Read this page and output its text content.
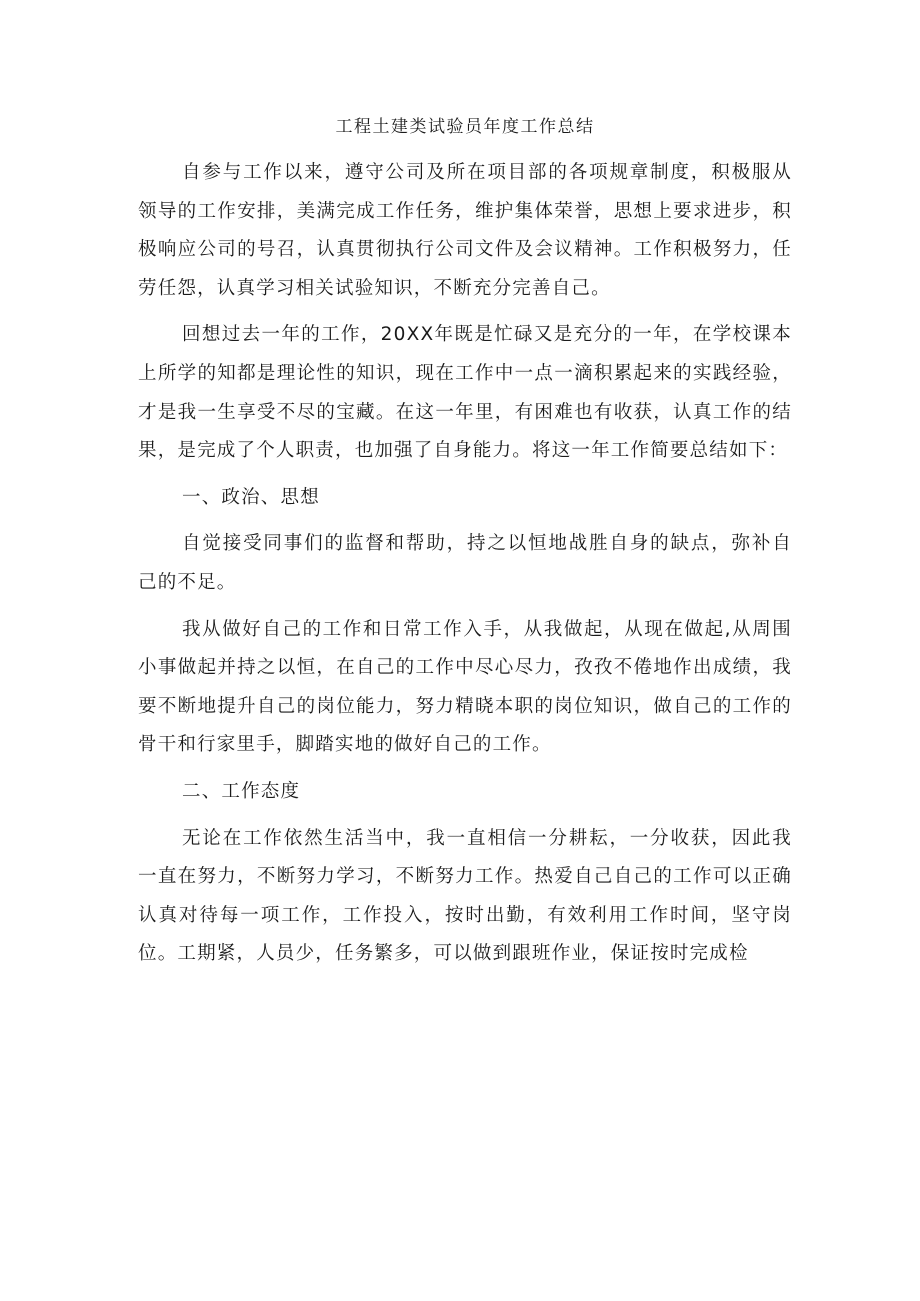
工程土建类试验员年度工作总结

自参与工作以来，遵守公司及所在项目部的各项规章制度，积极服从领导的工作安排，美满完成工作任务，维护集体荣誉，思想上要求进步，积极响应公司的号召，认真贯彻执行公司文件及会议精神。工作积极努力，任劳任怨，认真学习相关试验知识，不断充分完善自己。

回想过去一年的工作，20XX年既是忙碌又是充分的一年，在学校课本上所学的知都是理论性的知识，现在工作中一点一滴积累起来的实践经验，才是我一生享受不尽的宝藏。在这一年里，有困难也有收获，认真工作的结果，是完成了个人职责，也加强了自身能力。将这一年工作简要总结如下：

一、政治、思想

自觉接受同事们的监督和帮助，持之以恒地战胜自身的缺点，弥补自己的不足。

我从做好自己的工作和日常工作入手，从我做起，从现在做起,从周围小事做起并持之以恒，在自己的工作中尽心尽力，孜孜不倦地作出成绩，我要不断地提升自己的岗位能力，努力精晓本职的岗位知识，做自己的工作的骨干和行家里手，脚踏实地的做好自己的工作。

二、工作态度

无论在工作依然生活当中，我一直相信一分耕耘，一分收获，因此我一直在努力，不断努力学习，不断努力工作。热爱自己自己的工作可以正确认真对待每一项工作，工作投入，按时出勤，有效利用工作时间，坚守岗位。工期紧，人员少，任务繁多，可以做到跟班作业，保证按时完成检
